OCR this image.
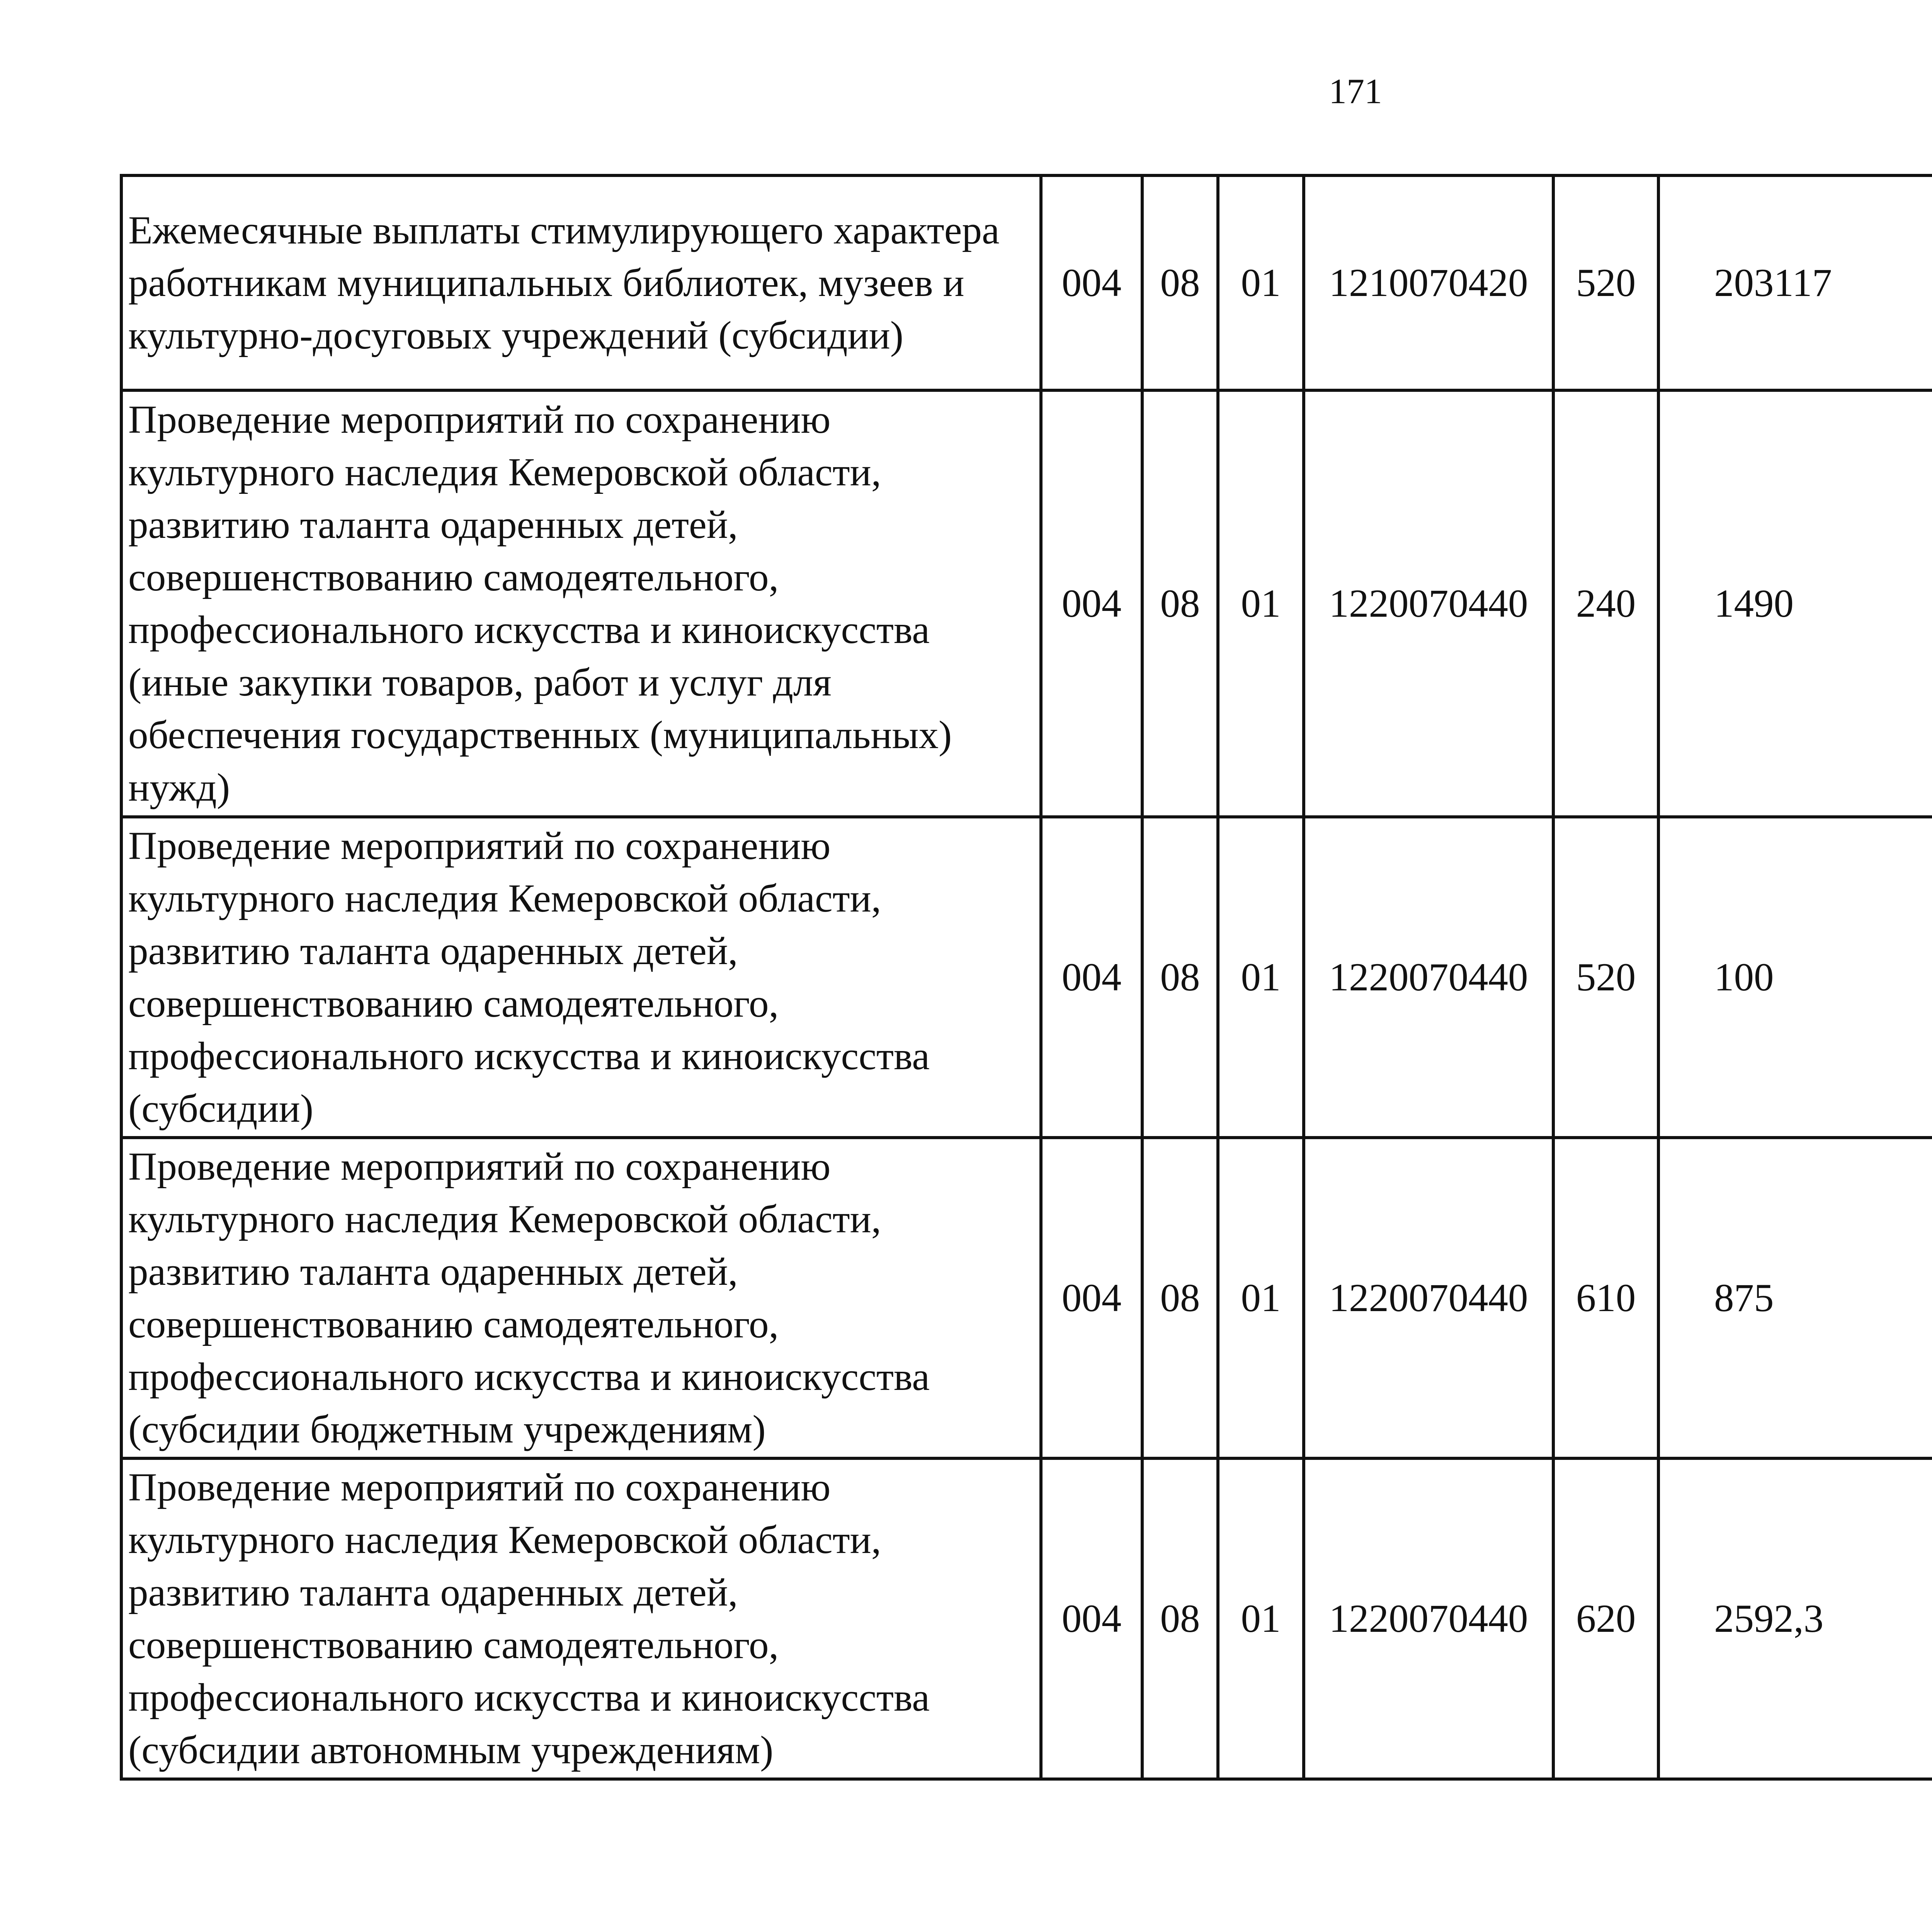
171
Ежемесячные выплаты стимулирующего характера работникам муниципальных библиотек, музеев и культурно-досуговых учреждений (субсидии)	004	08	01	1210070420	520	203117		
Проведение мероприятий по сохранению культурного наследия Кемеровской области, развитию таланта одаренных детей, совершенствованию самодеятельного, профессионального искусства и киноискусства (иные закупки товаров, работ и услуг для обеспечения государственных (муниципальных) нужд)	004	08	01	1220070440	240	1490		
Проведение мероприятий по сохранению культурного наследия Кемеровской области, развитию таланта одаренных детей, совершенствованию самодеятельного, профессионального искусства и киноискусства (субсидии)	004	08	01	1220070440	520	100		
Проведение мероприятий по сохранению культурного наследия Кемеровской области, развитию таланта одаренных детей, совершенствованию самодеятельного, профессионального искусства и киноискусства (субсидии бюджетным учреждениям)	004	08	01	1220070440	610	875		
Проведение мероприятий по сохранению культурного наследия Кемеровской области, развитию таланта одаренных детей, совершенствованию самодеятельного, профессионального искусства и киноискусства (субсидии автономным учреждениям)	004	08	01	1220070440	620	2592,3		
